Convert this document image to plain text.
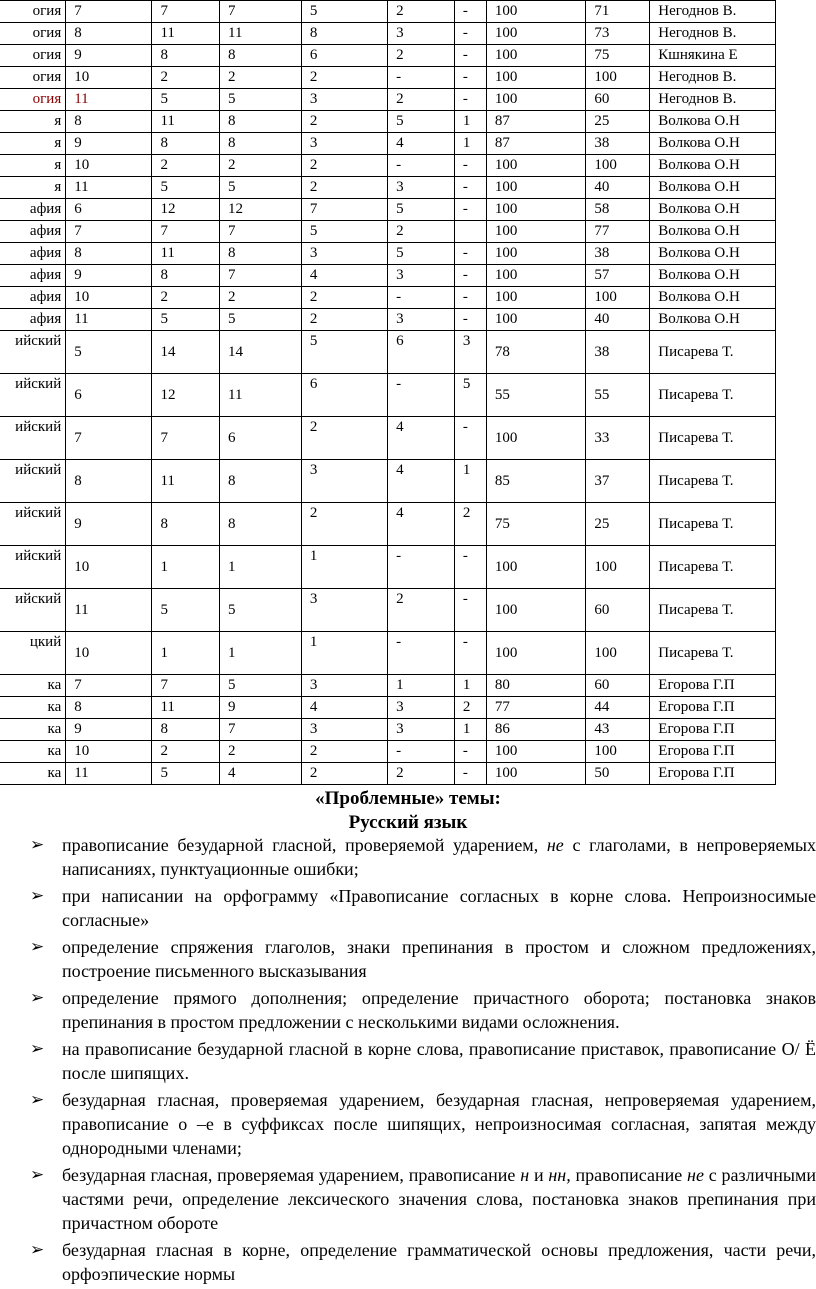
огия	7	7	7	5	2	-	100	71	Негоднов В.
огия	8	11	11	8	3	-	100	73	Негоднов В.
огия	9	8	8	6	2	-	100	75	Кшнякина Е
огия	10	2	2	2	-	-	100	100	Негоднов В.
огия	11	5	5	3	2	-	100	60	Негоднов В.
я	8	11	8	2	5	1	87	25	Волкова О.Н
я	9	8	8	3	4	1	87	38	Волкова О.Н
я	10	2	2	2	-	-	100	100	Волкова О.Н
я	11	5	5	2	3	-	100	40	Волкова О.Н
афия	6	12	12	7	5	-	100	58	Волкова О.Н
афия	7	7	7	5	2		100	77	Волкова О.Н
афия	8	11	8	3	5	-	100	38	Волкова О.Н
афия	9	8	7	4	3	-	100	57	Волкова О.Н
афия	10	2	2	2	-	-	100	100	Волкова О.Н
афия	11	5	5	2	3	-	100	40	Волкова О.Н
ийский	5	14	14	5	6	3	78	38	Писарева Т.
ийский	6	12	11	6	-	5	55	55	Писарева Т.
ийский	7	7	6	2	4	-	100	33	Писарева Т.
ийский	8	11	8	3	4	1	85	37	Писарева Т.
ийский	9	8	8	2	4	2	75	25	Писарева Т.
ийский	10	1	1	1	-	-	100	100	Писарева Т.
ийский	11	5	5	3	2	-	100	60	Писарева Т.
цкий	10	1	1	1	-	-	100	100	Писарева Т.
ка	7	7	5	3	1	1	80	60	Егорова Г.П
ка	8	11	9	4	3	2	77	44	Егорова Г.П
ка	9	8	7	3	3	1	86	43	Егорова Г.П
ка	10	2	2	2	-	-	100	100	Егорова Г.П
ка	11	5	4	2	2	-	100	50	Егорова Г.П
«Проблемные» темы:
Русский язык
➢ правописание безударной гласной, проверяемой ударением, не с глаголами, в непроверяемых написаниях, пунктуационные ошибки;
➢ при написании на орфограмму «Правописание согласных в корне слова. Непроизносимые согласные»
➢ определение спряжения глаголов, знаки препинания в простом и сложном предложениях, построение письменного высказывания
➢ определение прямого дополнения; определение причастного оборота; постановка знаков препинания в простом предложении с несколькими видами осложнения.
➢ на правописание безударной гласной в корне слова, правописание приставок, правописание О/ Ё после шипящих.
➢ безударная гласная, проверяемая ударением, безударная гласная, непроверяемая ударением, правописание о –е в суффиксах после шипящих, непроизносимая согласная, запятая между однородными членами;
➢ безударная гласная, проверяемая ударением, правописание н и нн, правописание не с различными частями речи, определение лексического значения слова, постановка знаков препинания при причастном обороте
➢ безударная гласная в корне, определение грамматической основы предложения, части речи, орфоэпические нормы
